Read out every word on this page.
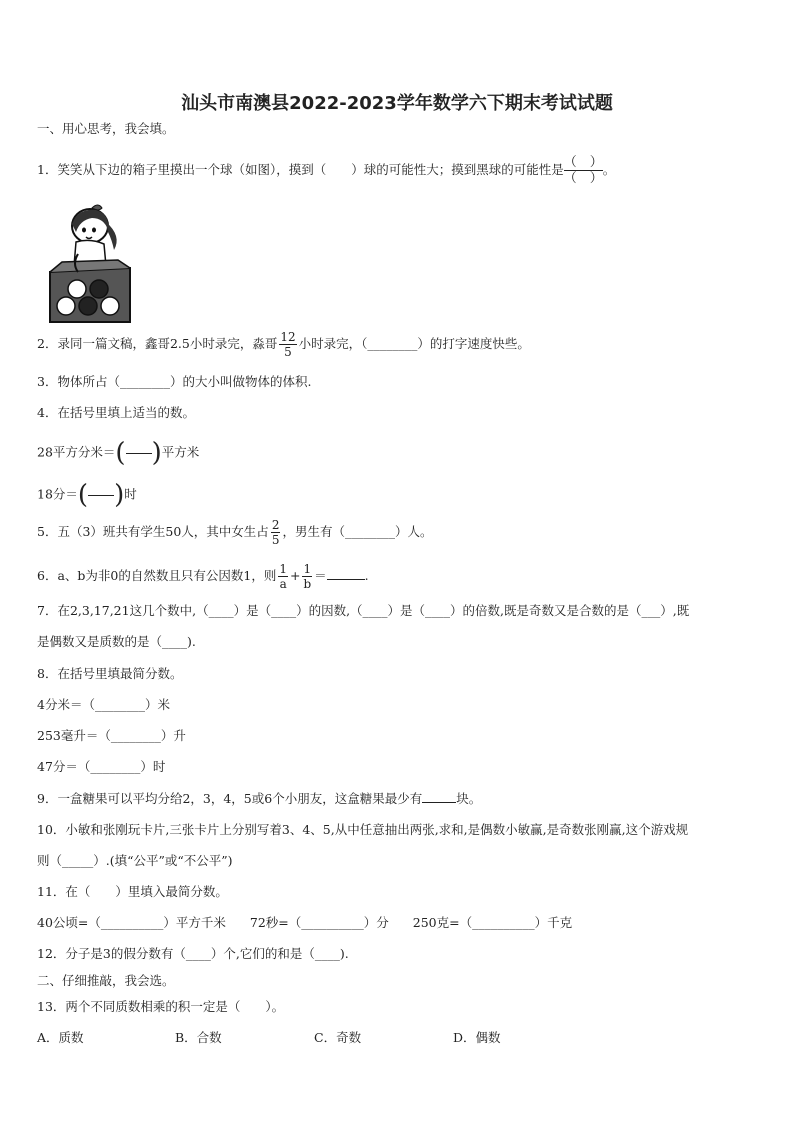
汕头市南澳县2022-2023学年数学六下期末考试试题
一、用心思考，我会填。
1．笑笑从下边的箱子里摸出一个球（如图），摸到（　　）球的可能性大；摸到黑球的可能性是 $\frac{( )}{( )}$ 。
2．录同一篇文稿，鑫哥2.5小时录完，淼哥 $\frac{12}{5}$ 小时录完，（________）的打字速度快些。
3．物体所占（________）的大小叫做物体的体积.
4．在括号里填上适当的数。
28平方分米＝( )平方米
18分＝( )时
5．五（3）班共有学生50人，其中女生占 $\frac{2}{5}$ ，男生有（________）人。
6．a、b为非0的自然数且只有公因数1，则 $\frac{1}{a} + \frac{1}{b}$ ＝	.
7．在2,3,17,21这几个数中,（____）是（____）的因数,（____）是（____）的倍数,既是奇数又是合数的是（___）,既
是偶数又是质数的是（____).
8．在括号里填最简分数。
4分米＝（________）米
253毫升＝（________）升
47分＝（________）时
9．一盒糖果可以平均分给2，3，4，5或6个小朋友，这盒糖果最少有	块。
10．小敏和张刚玩卡片,三张卡片上分别写着3、4、5,从中任意抽出两张,求和,是偶数小敏赢,是奇数张刚赢,这个游戏规
则（_____）.(填“公平”或“不公平”)
11．在（　　）里填入最简分数。
40公顷=（__________）平方千米 72秒=（__________）分 250克=（__________）千克
12．分子是3的假分数有（____）个,它们的和是（____).
二、仔细推敲，我会选。
13．两个不同质数相乘的积一定是（　　）。
A．质数	B．合数	C．奇数	D．偶数
